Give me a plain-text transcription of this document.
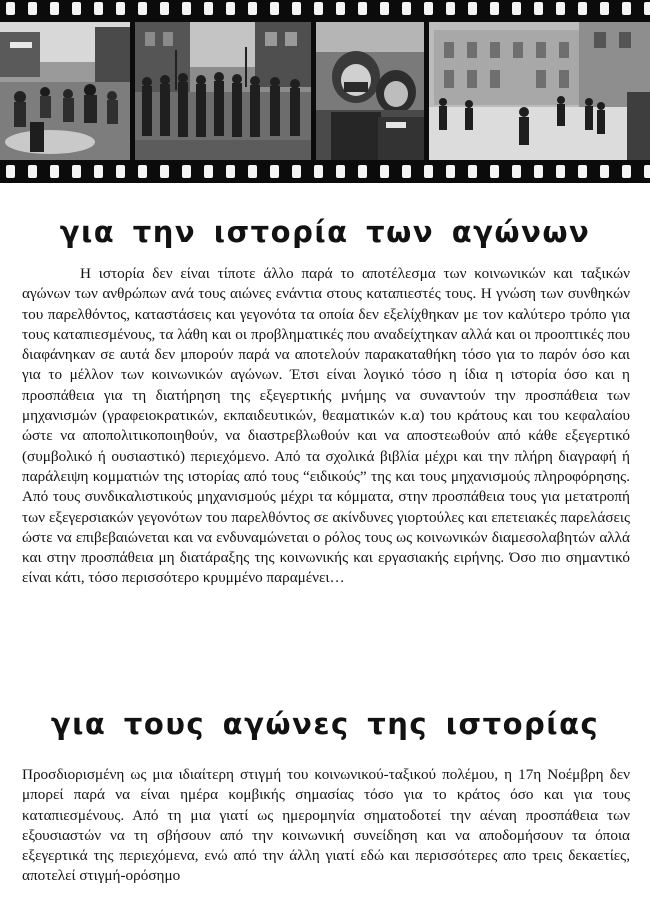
για την ιστορία των αγώνων

Η ιστορία δεν είναι τίποτε άλλο παρά το αποτέλεσμα των κοινωνικών και ταξικών αγώνων των ανθρώπων ανά τους αιώνες ενάντια στους καταπιεστές τους. Η γνώση των συνθηκών του παρελθόντος, καταστάσεις και γεγονότα τα οποία δεν εξελίχθηκαν με τον καλύτερο τρόπο για τους καταπιεσμένους, τα λάθη και οι προβληματικές που αναδείχτηκαν αλλά και οι προοπτικές που διαφάνηκαν σε αυτά δεν μπορούν παρά να αποτελούν παρακαταθήκη τόσο για το παρόν όσο και για το μέλλον των κοινωνικών αγώνων. Έτσι είναι λογικό τόσο η ίδια η ιστορία όσο και η προσπάθεια για τη διατήρηση της εξεγερτικής μνήμης να συναντούν την προσπάθεια των μηχανισμών (γραφειοκρατικών, εκπαιδευτικών, θεαματικών κ.α) του κράτους και του κεφαλαίου ώστε να αποπολιτικοποιηθούν, να διαστρεβλωθούν και να αποστεωθούν από κάθε εξεγερτικό (συμβολικό ή ουσιαστικό) περιεχόμενο. Από τα σχολικά βιβλία μέχρι και την πλήρη διαγραφή ή παράλειψη κομματιών της ιστορίας από τους “ειδικούς” της και τους μηχανισμούς πληροφόρησης. Από τους συνδικαλιστικούς μηχανισμούς μέχρι τα κόμματα, στην προσπάθεια τους για μετατροπή των εξεγερσιακών γεγονότων του παρελθόντος σε ακίνδυνες γιορτούλες και επετειακές παρελάσεις ώστε να επιβεβαιώνεται και να ενδυναμώνεται ο ρόλος τους ως κοινωνικών διαμεσολαβητών αλλά και στην προσπάθεια μη διατάραξης της κοινωνικής και εργασιακής ειρήνης. Όσο πιο σημαντικό είναι κάτι, τόσο περισσότερο κρυμμένο παραμένει…

για τους αγώνες της ιστορίας

Προσδιορισμένη ως μια ιδιαίτερη στιγμή του κοινωνικού-ταξικού πολέμου, η 17η Νοέμβρη δεν μπορεί παρά να είναι ημέρα κομβικής σημασίας τόσο για το κράτος όσο και για τους καταπιεσμένους. Από τη μια γιατί ως ημερομηνία σηματοδοτεί την αέναη προσπάθεια των εξουσιαστών να τη σβήσουν από την κοινωνική συνείδηση και να αποδομήσουν τα όποια εξεγερτικά της περιεχόμενα, ενώ από την άλλη γιατί εδώ και περισσότερες απο τρεις δεκαετίες, αποτελεί στιγμή-ορόσημο
